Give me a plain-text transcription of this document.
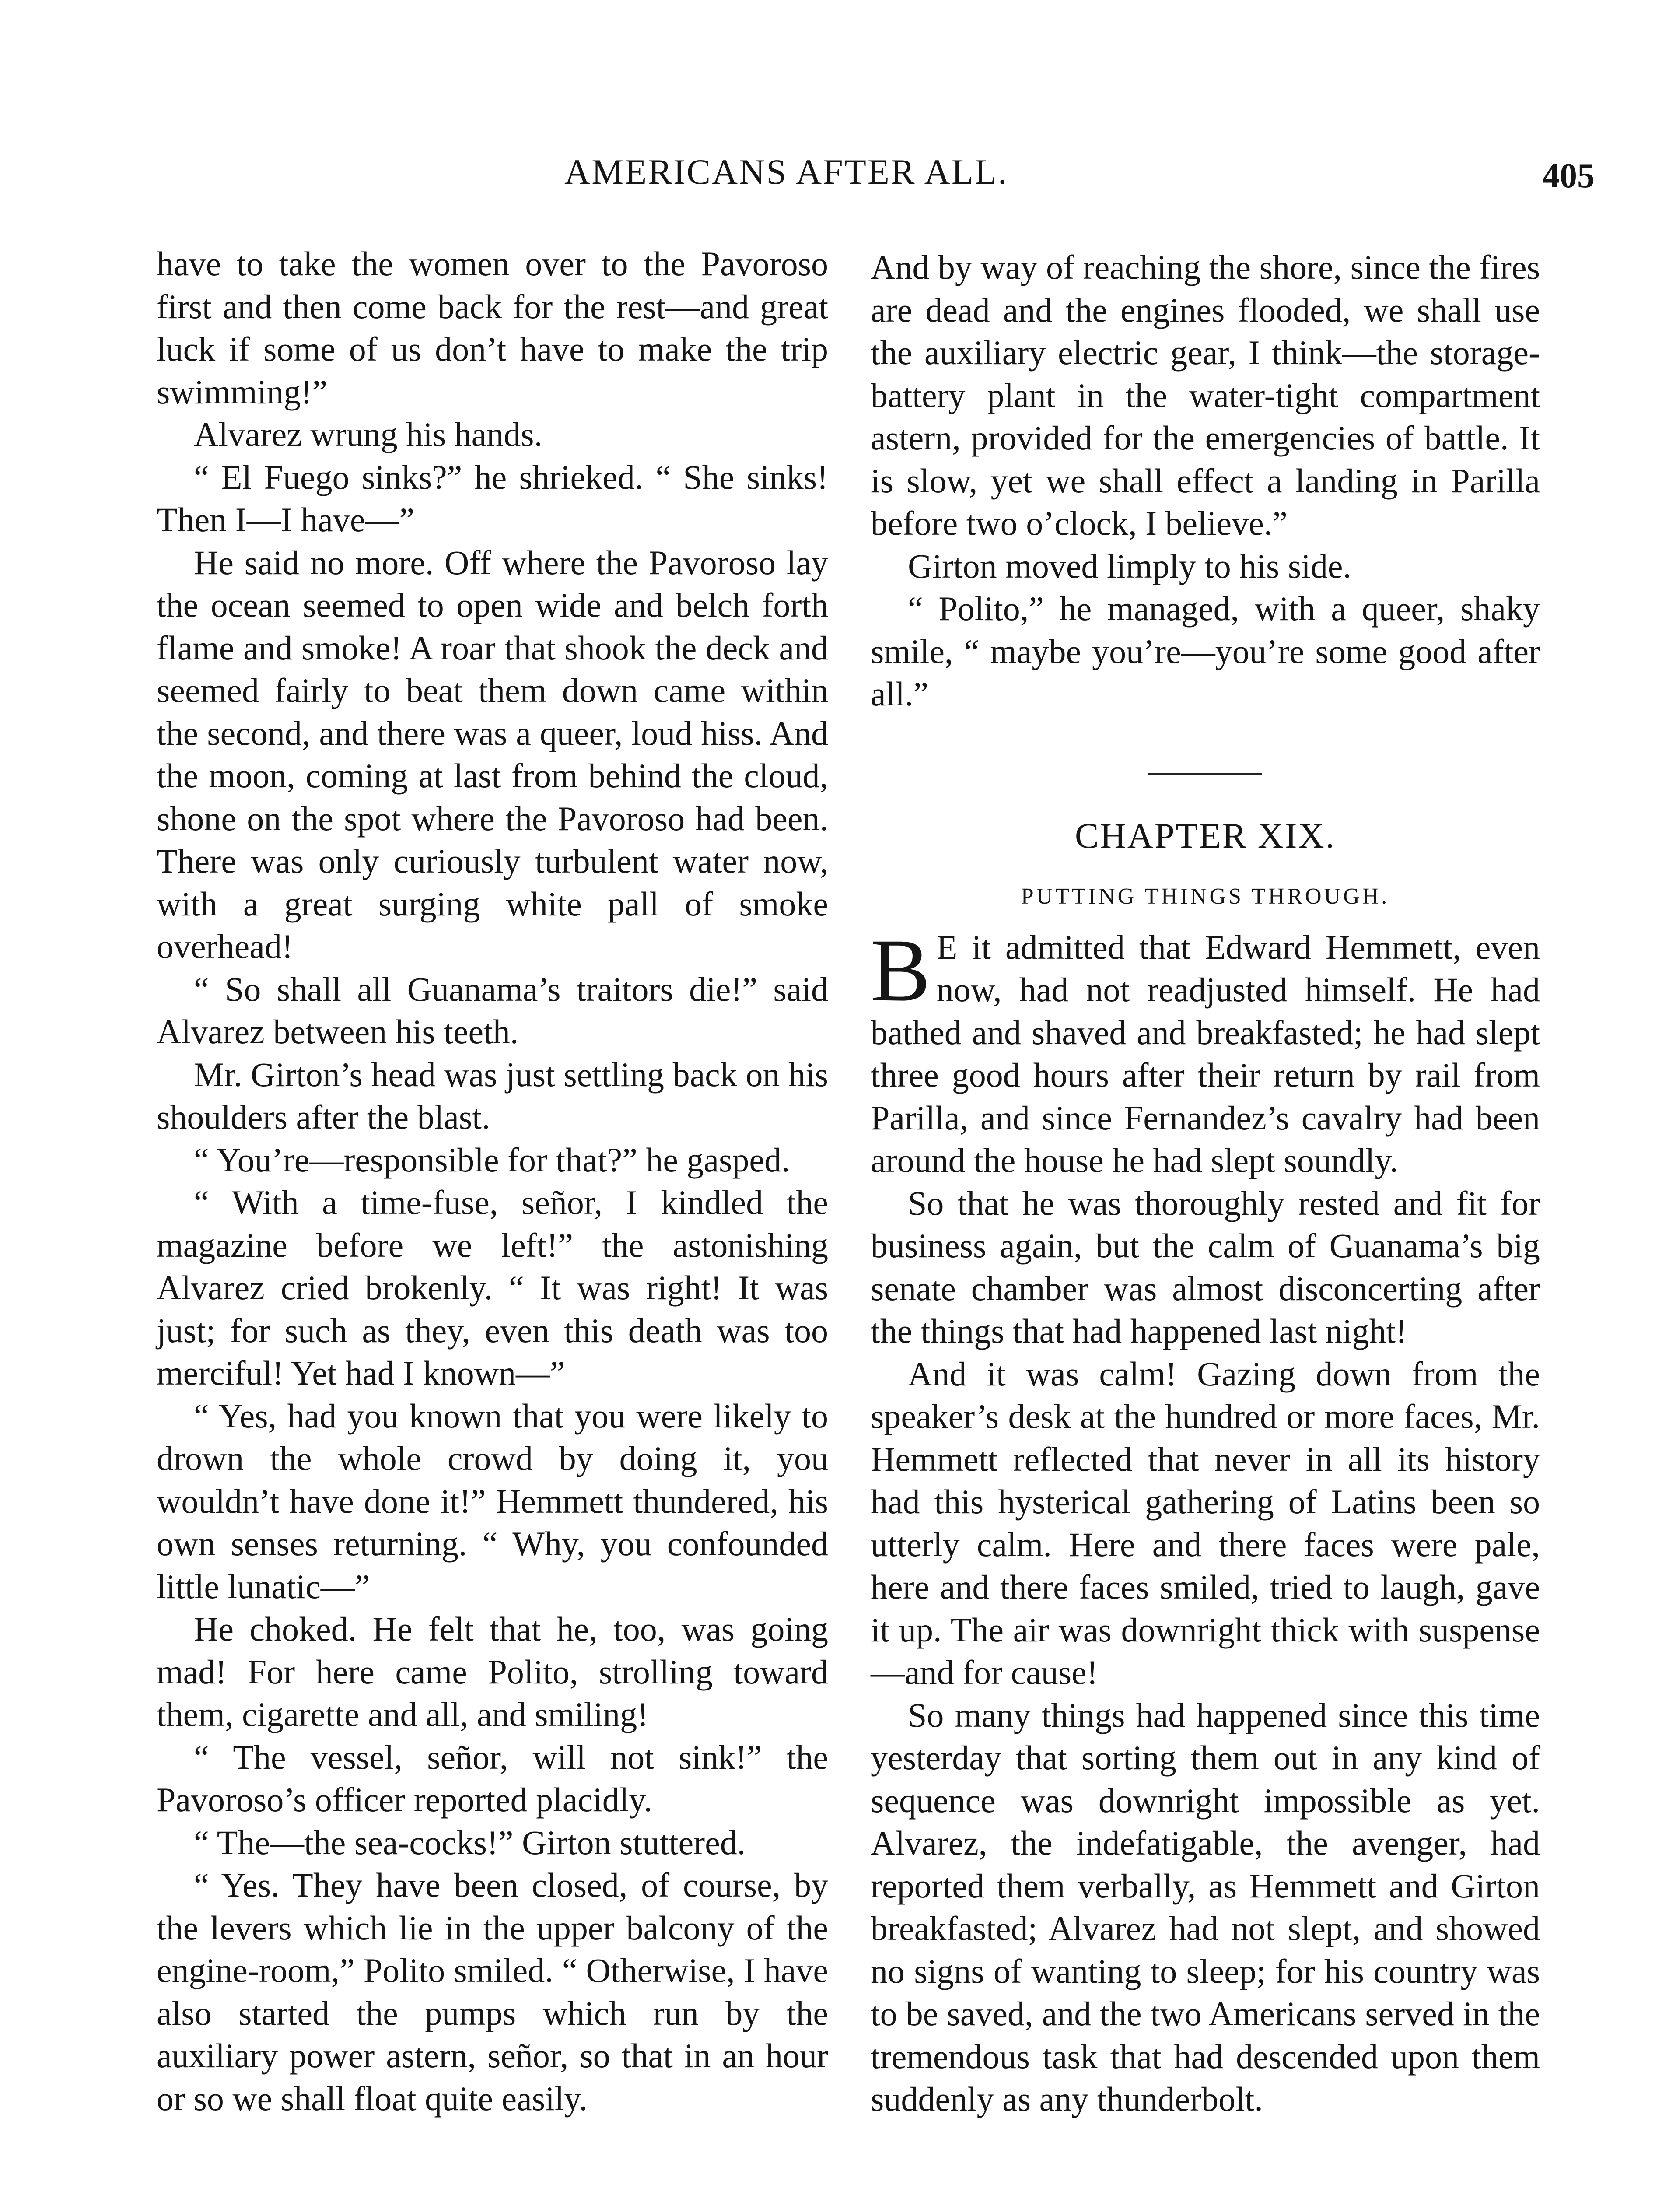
AMERICANS AFTER ALL.	405

have to take the women over to the Pavoroso first and then come back for the rest—and great luck if some of us don’t have to make the trip swimming!”

Alvarez wrung his hands.

“ El Fuego sinks?” he shrieked. “ She sinks! Then I—I have—”

He said no more. Off where the Pavoroso lay the ocean seemed to open wide and belch forth flame and smoke! A roar that shook the deck and seemed fairly to beat them down came within the second, and there was a queer, loud hiss. And the moon, coming at last from behind the cloud, shone on the spot where the Pavoroso had been. There was only curiously turbulent water now, with a great surging white pall of smoke overhead!

“ So shall all Guanama’s traitors die!” said Alvarez between his teeth.

Mr. Girton’s head was just settling back on his shoulders after the blast.

“ You’re—responsible for that?” he gasped.

“ With a time-fuse, señor, I kindled the magazine before we left!” the astonishing Alvarez cried brokenly. “ It was right! It was just; for such as they, even this death was too merciful! Yet had I known—”

“ Yes, had you known that you were likely to drown the whole crowd by doing it, you wouldn’t have done it!” Hemmett thundered, his own senses returning. “ Why, you confounded little lunatic—”

He choked. He felt that he, too, was going mad! For here came Polito, strolling toward them, cigarette and all, and smiling!

“ The vessel, señor, will not sink!” the Pavoroso’s officer reported placidly.

“ The—the sea-cocks!” Girton stuttered.

“ Yes. They have been closed, of course, by the levers which lie in the upper balcony of the engine-room,” Polito smiled. “ Otherwise, I have also started the pumps which run by the auxiliary power astern, señor, so that in an hour or so we shall float quite easily.

And by way of reaching the shore, since the fires are dead and the engines flooded, we shall use the auxiliary electric gear, I think—the storage-battery plant in the water-tight compartment astern, provided for the emergencies of battle. It is slow, yet we shall effect a landing in Parilla before two o’clock, I believe.”

Girton moved limply to his side.

“ Polito,” he managed, with a queer, shaky smile, “ maybe you’re—you’re some good after all.”

CHAPTER XIX.
PUTTING THINGS THROUGH.

B E it admitted that Edward Hemmett, even now, had not readjusted himself. He had bathed and shaved and breakfasted; he had slept three good hours after their return by rail from Parilla, and since Fernandez’s cavalry had been around the house he had slept soundly.

So that he was thoroughly rested and fit for business again, but the calm of Guanama’s big senate chamber was almost disconcerting after the things that had happened last night!

And it was calm! Gazing down from the speaker’s desk at the hundred or more faces, Mr. Hemmett reflected that never in all its history had this hysterical gathering of Latins been so utterly calm. Here and there faces were pale, here and there faces smiled, tried to laugh, gave it up. The air was downright thick with suspense—and for cause!

So many things had happened since this time yesterday that sorting them out in any kind of sequence was downright impossible as yet. Alvarez, the indefatigable, the avenger, had reported them verbally, as Hemmett and Girton breakfasted; Alvarez had not slept, and showed no signs of wanting to sleep; for his country was to be saved, and the two Americans served in the tremendous task that had descended upon them suddenly as any thunderbolt.
